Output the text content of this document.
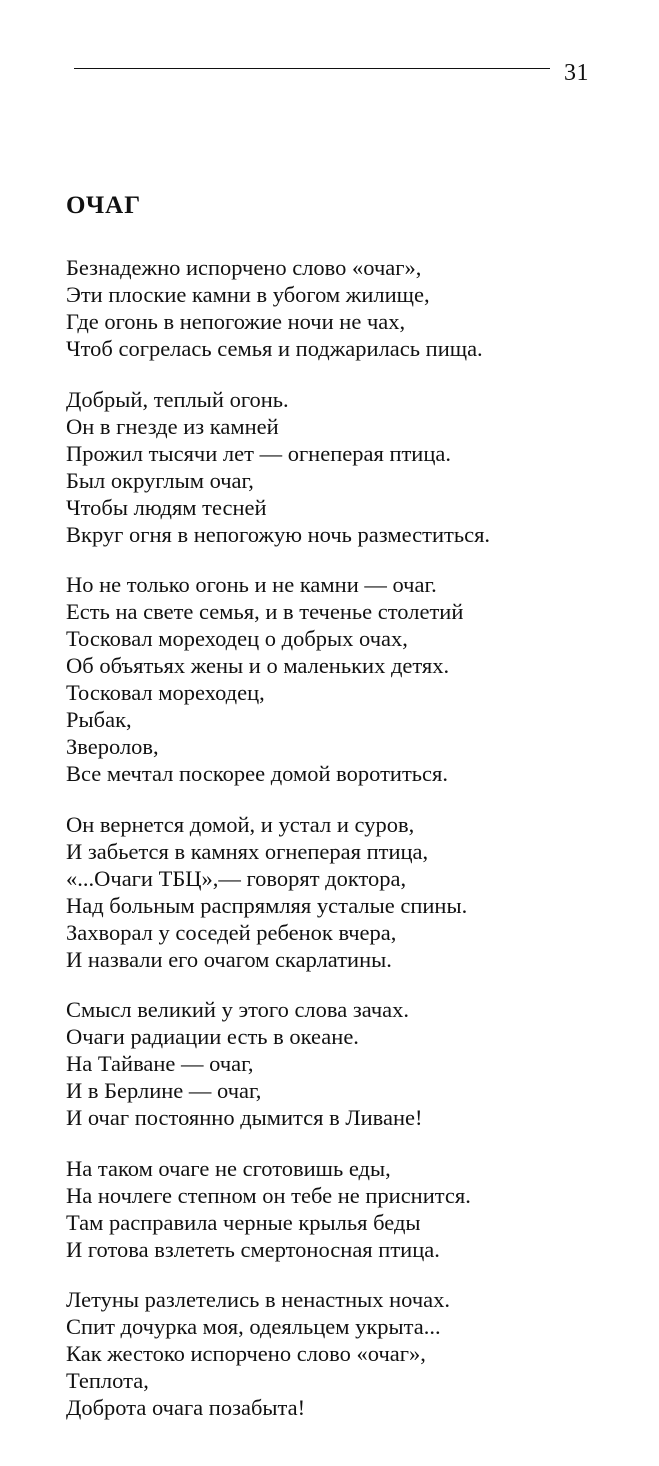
31
ОЧАГ
Безнадежно испорчено слово «очаг»,
Эти плоские камни в убогом жилище,
Где огонь в непогожие ночи не чах,
Чтоб согрелась семья и поджарилась пища.
Добрый, теплый огонь.
Он в гнезде из камней
Прожил тысячи лет — огнеперая птица.
Был округлым очаг,
Чтобы людям тесней
Вкруг огня в непогожую ночь разместиться.
Но не только огонь и не камни — очаг.
Есть на свете семья, и в теченье столетий
Тосковал мореходец о добрых очах,
Об объятьях жены и о маленьких детях.
Тосковал мореходец,
Рыбак,
Зверолов,
Все мечтал поскорее домой воротиться.
Он вернется домой, и устал и суров,
И забьется в камнях огнеперая птица,
«...Очаги ТБЦ»,— говорят доктора,
Над больным распрямляя усталые спины.
Захворал у соседей ребенок вчера,
И назвали его очагом скарлатины.
Смысл великий у этого слова зачах.
Очаги радиации есть в океане.
На Тайване — очаг,
И в Берлине — очаг,
И очаг постоянно дымится в Ливане!
На таком очаге не сготовишь еды,
На ночлеге степном он тебе не приснится.
Там расправила черные крылья беды
И готова взлететь смертоносная птица.
Летуны разлетелись в ненастных ночах.
Спит дочурка моя, одеяльцем укрыта...
Как жестоко испорчено слово «очаг»,
Теплота,
Доброта очага позабыта!
